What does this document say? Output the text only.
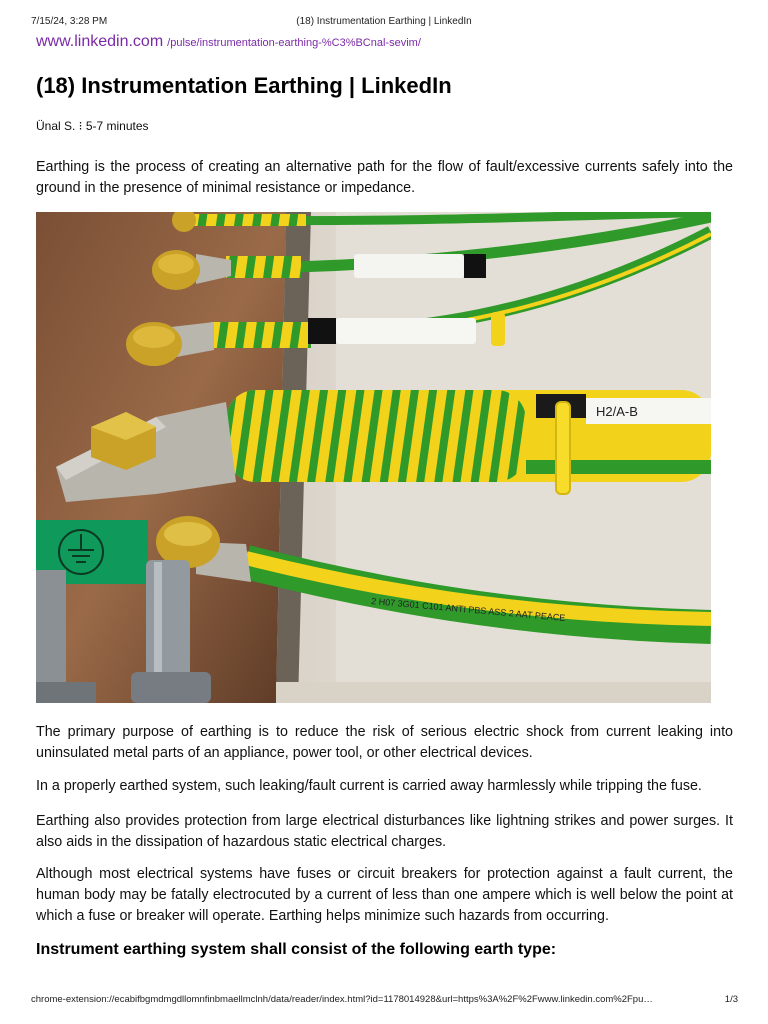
7/15/24, 3:28 PM	(18) Instrumentation Earthing | LinkedIn
www.linkedin.com /pulse/instrumentation-earthing-%C3%BCnal-sevim/
(18) Instrumentation Earthing | LinkedIn
Ünal S. ⁝ 5-7 minutes

Earthing is the process of creating an alternative path for the flow of fault/excessive currents safely into the ground in the presence of minimal resistance or impedance.

H2/A-B
2 H07 3G01 C101 ANTI PBS ASS 2 AAT PEACE

The primary purpose of earthing is to reduce the risk of serious electric shock from current leaking into uninsulated metal parts of an appliance, power tool, or other electrical devices.

In a properly earthed system, such leaking/fault current is carried away harmlessly while tripping the fuse.

Earthing also provides protection from large electrical disturbances like lightning strikes and power surges. It also aids in the dissipation of hazardous static electrical charges.

Although most electrical systems have fuses or circuit breakers for protection against a fault current, the human body may be fatally electrocuted by a current of less than one ampere which is well below the point at which a fuse or breaker will operate. Earthing helps minimize such hazards from occurring.

Instrument earthing system shall consist of the following earth type:
chrome-extension://ecabifbgmdmgdllomnfinbmaellmclnh/data/reader/index.html?id=1178014928&url=https%3A%2F%2Fwww.linkedin.com%2Fpu…	1/3
